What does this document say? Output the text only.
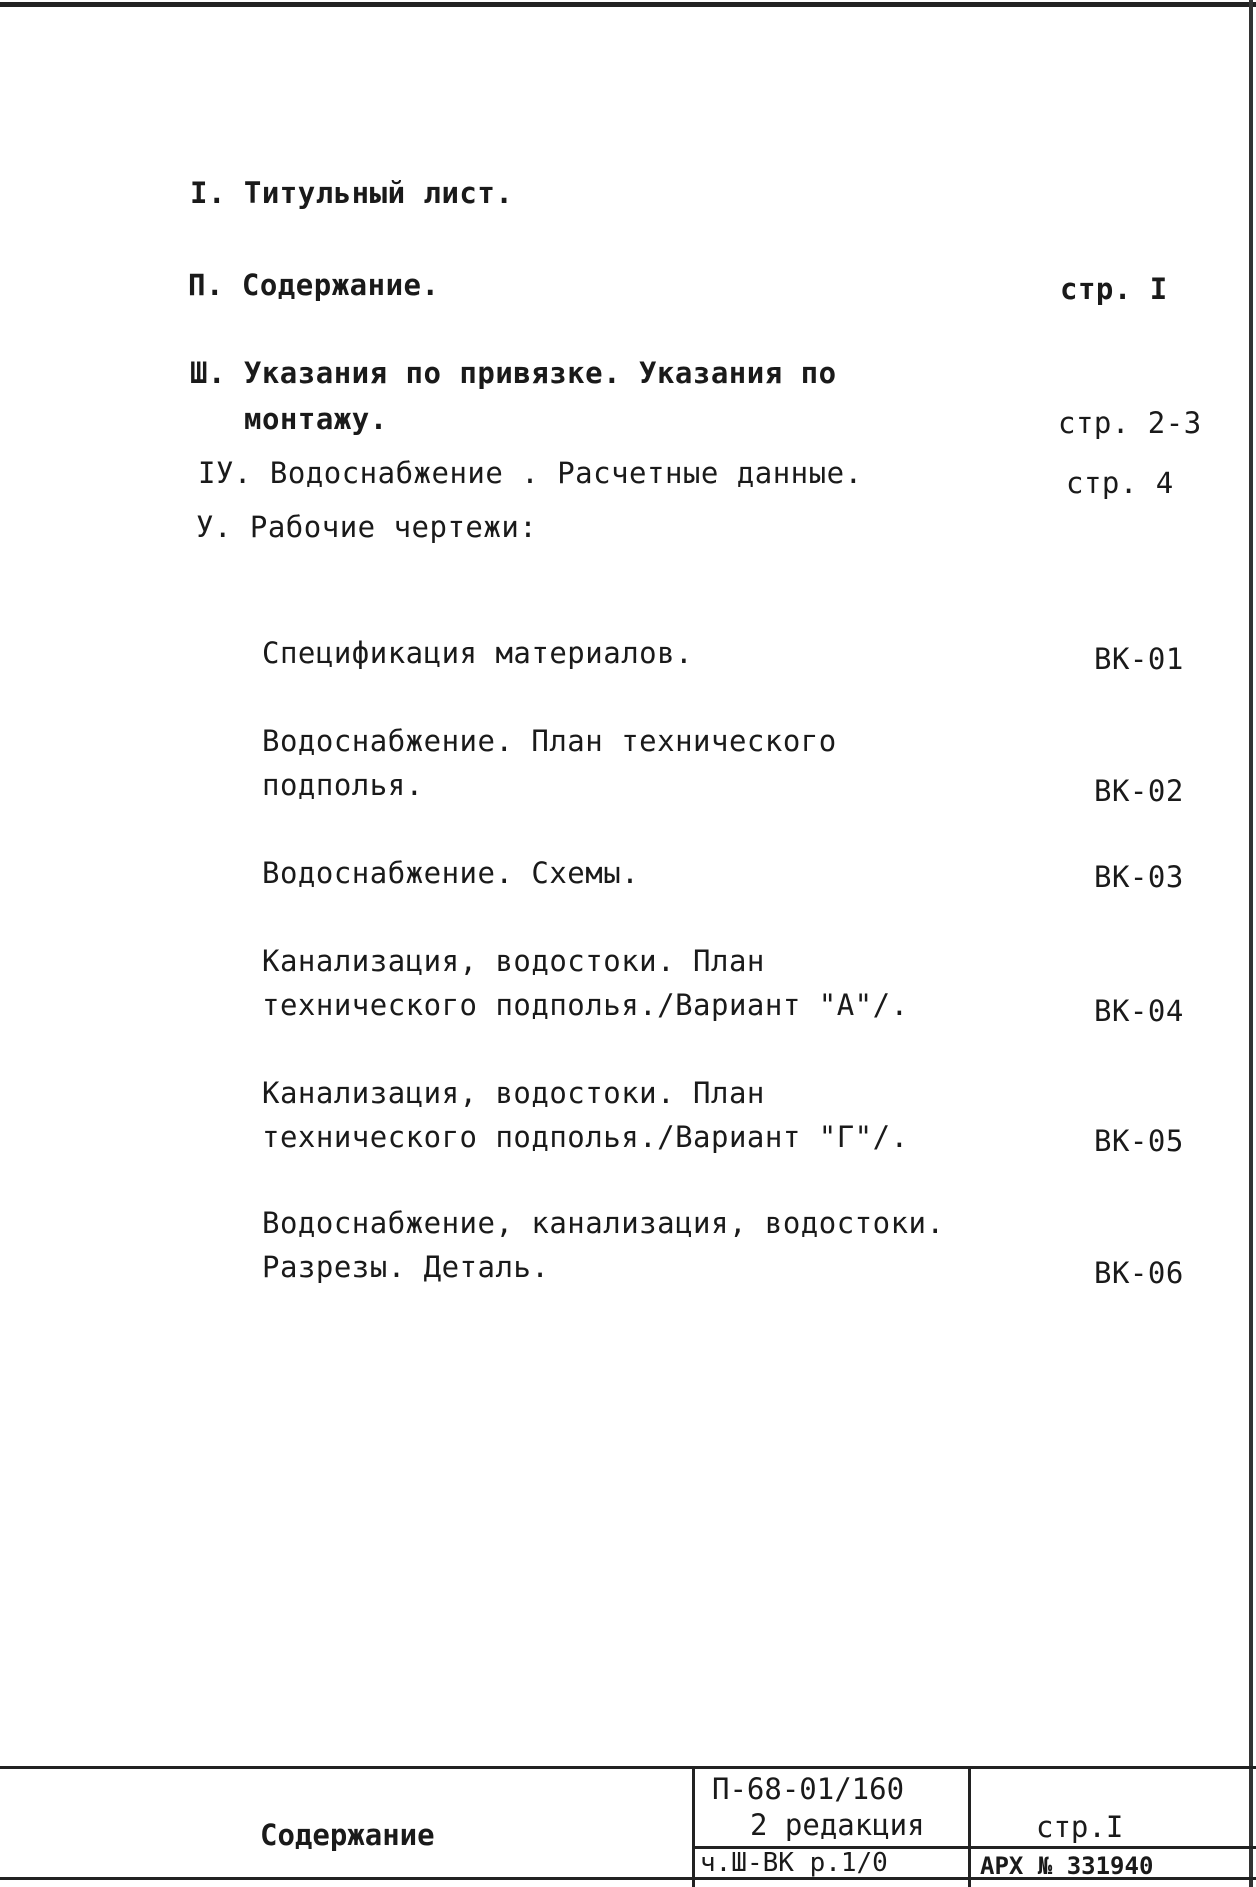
I. Титульный лист.
П. Содержание.	стр. I
Ш. Указания по привязке. Указания по
монтажу.	стр. 2-3
IУ. Водоснабжение . Расчетные данные.	стр. 4
У. Рабочие чертежи:
Спецификация материалов.	ВК-01
Водоснабжение. План технического
подполья.	ВК-02
Водоснабжение. Схемы.	ВК-03
Канализация, водостоки. План
технического подполья./Вариант "А"/.	ВК-04
Канализация, водостоки. План
технического подполья./Вариант "Г"/.	ВК-05
Водоснабжение, канализация, водостоки.
Разрезы. Деталь.	ВК-06
Содержание
П-68-01/160
2 редакция
ч.Ш-ВК р.1/0
стр.I
АРХ № 331940
